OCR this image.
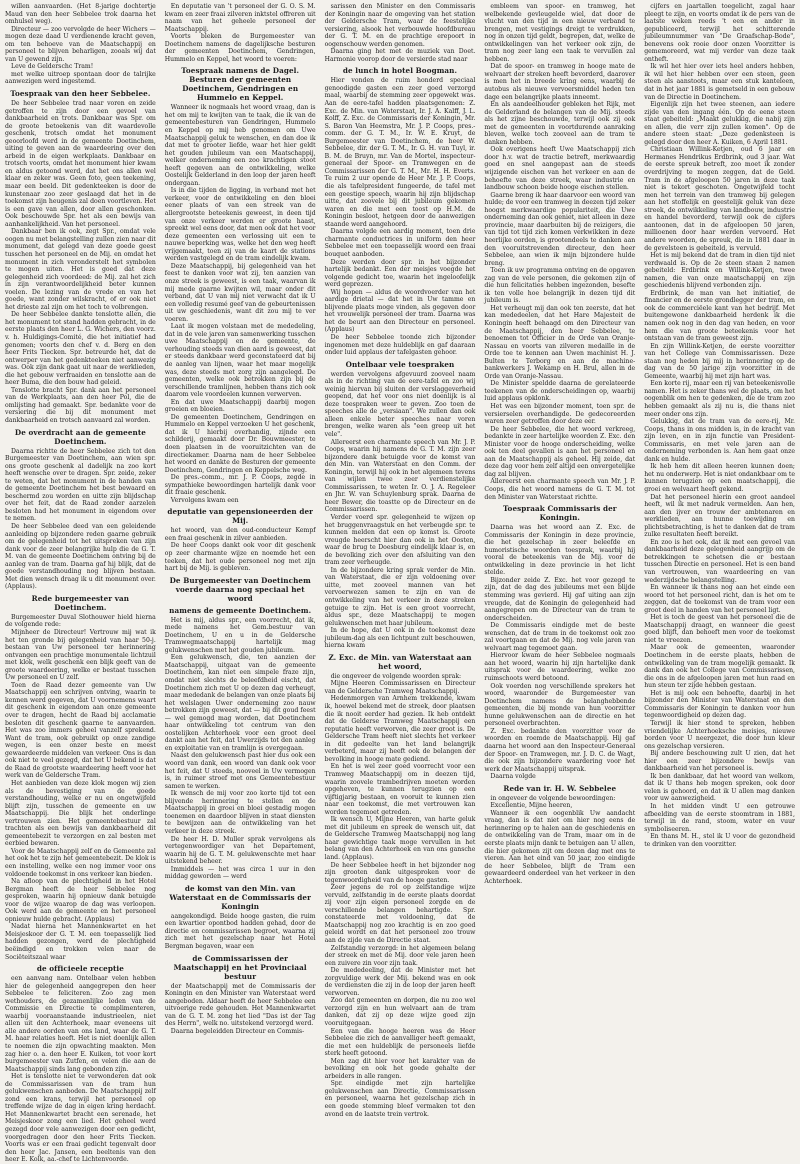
willen aanvaarden. (Het 8-jarige dochtertje Maud van den heer Sebbelee trok daarna het omhulsel weg).

Directeur — zoo vervolgde de heer Wichers — mogen deze daad U verdienende kracht geven, om ten behoeve van de Maatschappij en personeel te blijven beharligen, zooals wij dat van U gewend zijn.

Leve de Gelderschc Tram!

met welke uitroep spontaan door de talrijke aanwezigen werd ingestemd.

Toespraak van den heer Sebbelee.

De heer Sebbelee trad naar voren en zeide getroffen te zijn door een gevoel van dankbaarheid en trots. Dankbaar was Spr. om de groote betoekenis van dit waardevolle geschenk, trotsch omdat het monument geoorloofd werd in de gemeente Doetinchem, uiting te geven aan de waardeering over den arbeid in de eigen werkplaats. Dankbaar en trotsch voorts, omdat het monument hier kwam en aldus getoond werd, dat het ons allen wel klaar en zeker was. Geen foto, geen teekening, maar een beeld. Dit gedenkteeken is door de kunstenaar zoo zeer geslaagd dat het in de toekomst zijn heugenis zal doen voortleven. Het is een gave van allen, door allen geschonken. Ook beschouwde Spr. het als een bewijs van aanhankelijkheid. Van het personeel.

Dankbaar ben ik ook, zegt Spr., omdat vele oogen nu met belangstelling zullen zien naar dit monument, dat gelegd van deze goede geest tusschen het personeel en de Mij. en omdat het monument in zich veronderstelt het symbolen te mogen uiten. Het is goed dat deze gelegenheid zich voordeed: de Mij. zal het zich in zijn verantwoordelijkheid beter kunnen voelen. De lezing van de vrede en van het goede, want zonder wilskracht, of er ook niet het drieste zal zijn om het toch te volbrengen.

De heer Sebbelee dankte tenslotte allen, die het monument tot stand hadden gebracht, in de eerste plaats den heer L. G. Wichers, den voorz. v. h. Huldigings-Comité, die het initiatief had genomen; voorts den chef v. d. Berg en den heer Frits Tiecken. Spr. betreurde het, dat de ontwerper van het gedenkteeken niet aanwezig was. Ook zijn dank gaat uit naar de werklieden, die het gebouw verfraaiden en tenslotte aan de heer Buma, die den bouw had geleid.

Tenslotte bracht Spr. dank aan het personeel van de Werkplaats, aan den heer Pol, die de omlijsting had gemaakt. Spr. bedankte voor de versiering die bij dit monument met dankbaarheid en trotsch aanvaard zal worden.

De overdracht aan de gemeente Doetinchem.

Daarna richtte de heer Sebbelee zich tot den Burgemeester van Doetinchem, aan wien spr. ons groote geschenk al dadelijk na zoo kort heeft wensche over te dragen. Spr. zeide, zeker te weten, dat het monument in de handen van de gemeente Doetinchem het best bewaard en beschermd zou worden en uitte zijn blijdschap over het feit, dat de Raad zonder aarzelen besloten had het monument in eigendom over te nemen.

De heer Sebbelee deed van een geleidende aanleiding op bijzondere reden gaarne gebruik om de gelegenheid tot het uitspreken van zijn dank voor de zeer belangrijke hulp die de G. T. M. van de gemeente Doetinchem ontving bij de aanleg van de tram. Daarna gaf hij blijk, dat de goede verstandhouding nog blijven bestaan. Met dien wensch draag ik u dit monument over. (Applaus).

Rede burgemeester van Doetinchem.

Burgemeester Duval Slothouwer hield hierna de volgende rede:

Mijnheer de Directeur! Vertrouw mij wat ik het ten gronde bij gelegenheid van haar 50-j. bestaan van Uw personeel ter herinnering ontvangen een prachtige monumentale lichtzuil met klok, welk geschenk een blijk geeft van de groote waardeering, welke er bestaat tusschen Uw personeel en U zelf.

Toen de Raad dezer gemeente van Uw Maatschappij een schrijven ontving, waarin te kennen werd gegeven, dat U voornemens waart dit geschenk in eigendom aan onze gemeente over te dragen, hecht de Raad bij acclamatie besloten dit geschenk gaarne te aanvaarden. Het was zoo immers geheel vanzelf sprekend. Want de tram, ook gebruikt op onze zandige wegen, is een onzer beste en meest gewaardeerde middelen van verkeer. Ons is dan ook niet te veel gezegd, dat het U bekend is dat de Raad de grootste waardeering heeft voor het werk van de Geldersche Tram.

Het aanbieden van deze klok mogen wij zien als de bevestiging van de goede verstandhouding, welke er nu en ongetwijfeld blijft zijn, tusschen de gemeente en uw Maatschappij. Die blijk het onderlinge vertrouwen zien. Het gemeentebestuur zal trachten als een bewijs van dankbaarheid dit gemeentebezit te verzorgen en zal besten met eerbied bewaren.

Voor de Maatschappij zelf en de Gemeente zal het ook het te zijn het gemeentebezit. De klok is een instelling, welke een nog immer voor ons voldoende toekomst in ons verkeer kan bieden.

Na afloop van de plechtigheid in het Hotel Bergman heeft de heer Sebbelee nog gesproken, waarin hij opnieuw dank betuigde voor de wijze waarop de dag was verloopen. Ook werd aan de gemeente en het personeel opnieuw hulde gebracht. (Applaus)

Nadat hierna het Mannenkwartet en het Meisjeskoor der G. T. M. een toepasselijk lied hadden gezongen, werd de plechtigheid beëindigd en trokken velen naar de Sociëteitszaal waar

de officieele receptie

een aanvang nam. Ontelbaar velen hebben hier de gelegenheid aangegrepen den heer Sebbelee te feliciteren. Zoo zag men wethouders, de gezamenlijke leden van de Commissie en Directie te complimenteren, waarbij vooraanstaande industrieelen, niet allen uit den Achterhoek, maar eveneens uit alle andere oorden van ons land, waar de G. T. M. haar relaties heeft. Het is niet doenlijk allen te noemen die zijn opwachting maakten. Men zag hier o. a. den heer E. Kuiken, tot voor kort burgemeester van Zutfen, en velen die aan de Maatschappij sinds lang gebonden zijn.

Het is tenslotte niet te verwonderen dat ook de Commissarissen van de tram hun gelukwenschen aanboden. De Maatschappij zelf zond een krans, terwijl het personeel op treffende wijze de dag in eigen kring herdacht. Het Mannenkwartet bracht een serenade, het Meisjeskoor zong een lied. Het geheel werd gezegd door vele aanwezigen door een gedicht, voorgedragen door den heer Frits Tiecken. Voorts was er een fraai gedicht tegenvalt door den heer Jac. Jansen, een beeltenis van den heer E. Kolk, aa.-chef te Lichtenvoorde.

En deputatie van 't personeel der G. O. S. M. kwam en zeer fraai zilveren inktstel offreren uit naam van het geheele personeel der Maatschappij.

Voorts bleken de Burgemeester van Doetinchem namens de dagelijksche besturen der gemeenten Doetinchem, Gendringen, Hummelo en Keppel, het woord te voeren:

Toespraak namens de Dagel. Besturen der gemeenten Doetinchem, Gendringen en Hummelo en Keppel.

Wanneer ik nogmaals het woord vraag, dan is het om mij te kwijten van te taak, die ik van de gemeentebesturen van Gendringen, Hummelo en Keppel op mij heb genomen om Uwe Maatschappij geluk te wenschen, en dan doe ik dat met te grooter liefde, waar het hier geldt het gouden jubileum van een Maatschappij, welker onderneming een zoo krachtigen stoot heeft gegeven aan de ontwikkeling, welke Oostelijk Gelderland in den loop der jaren heeft ondergaan.

Is in die tijden de ligging, in verband met het verkeer, voor de ontwikkeling en den bloei eener plaats of van een streek van de allergrootste beteekenis geweest, in deen tijd van onze verkeer werden er groote haast, spreekt wel eens door, dat men ook dat het voor deze gemeenten een verlossing uit een te nauwe beperking was, welke het den weg heeft vrijgemaakt, toen zij van de kaart de stations werden vastgelegd en de tram eindelijk kwam.

Deze Maatschappij, bij gelegenheid van het feest te danken voor wat zij, ten aanzien van onze streek is geweest, is een taak, waarvan ik mij mede gaarne kwijten wil, maar onder dit verband, dat U van mij niet verwacht dat ik U een volledig resumé geef van de gebeurtenissen uit uw geschiedenis, want dit zou mij te ver voeren.

Laat ik mogen volstaan met de mededeling, dat in de vele jaren van samenwerking tusschen uwe Maatschappij en de gemeente, de verhouding steeds van dien aard is geweest, dat er steeds dankbaar werd geconstateerd dat bij de aanleg van lijnen, waar het maar mogelijk was, deze steeds met zorg zijn aangelegd. De gemeenten, welke ook betrokken zijn bij de verschillende tramlijnen, hebben thans zich ook daarom vele voordeelen kunnen verwerven.

En dat uwe Maatschappij daarbij mogen groeien en bloeien.

De gemeenten Doetinchem, Gendringen en Hummelo en Keppel verzoeken U het geschenk, dat ik U hierbij overhandig, zijnde een schilderij, gemaakt door Dr. Bouwmeester, te doen plaatsen in de vooruitzichten van de directiekamer. Daarna nam de heer Sebbelee het woord en dankte de Besturen der gemeente Doetinchem, Gendringen en Keppelsche weg.

De pres.-comm., mr. J. P. Coops, zegde in sympathieke bewoordingen hartelijk dank voor dit fraaie geschenk.

Vervolgens kwam een

deputatie van gepensioneerden der Mij.

het woord, van den oud-conducteur Kempf een fraai geschenk in zilver aanbieden.

De heer Coops dankt ook voor dit geschenk op zeer charmante wijze en noemde het een teeken, dat het oude personeel nog met zijn hart bij de Mij. is gebleven.

De Burgemeester van Doetinchem voerde daarna nog speciaal het woord
namens de gemeente Doetinchem.

Het is mij, aldus spr., een voorrecht, dat ik, mede namens het Gem.bestuur van Doetinchem, U en u in de Geldersche Tramwegmaatschappij hartelijk mag gelukwenschen met het gouden jubileum.

Een gelukwensch, die, ten aanzien der Maatschappij, uitgaat van de gemeente Doetinchem, kan niet een simpele fraze zijn, omdat niet slechts de beleefdheid eischt, dat Doetinchem zich met U op dezen dag verheugt, maar mededank de belangen van onze plaats bij het welslagen Uwer onderneming zoo nauw betrokken zijn geweest, dat — bij dit goud feest — wel gemogd mag worden, dat Doetinchem haar ontwikkeling tot centrum van den oostelijken Achterhoek voor een groot deel dankt aan het feit, dat Uwerzijds tot den aanleg en exploitatie van en tramlijn is overgegaan.

Naast den gelukwensch past hier dus ook een woord van dank, een woord van dank ook voor het feit, dat U steeds, nooveel in Uw vermogen is, in ruimer stroef met ons Gemeentebestuur samen te werken.

Ik wensch de mij voor zoo korte tijd tot een blijvende herinnering te stellen en de Maatschappij in groei en bloei gestadig mogen toenemen en daardoor blijven in staat diensten te bewijzen aan de ontwikkeling van het verkeer in deze streek.

De heer H. D. Muller sprak vervolgens als vertegenwoordiger van het Departement, waarin hij de G. T. M. gelukwenschte met haar uitstekend beheer.

Immiddels — het was circa 1 uur in den middag geworden — werd

de komst van den Min. van Waterstaat en de Commissaris der Koningin

aangekondigd. Beide hooge gasten, die ruim een kwartier opontbod hadden gehad, door de directie en commissarissen begroet, waarna zij zich met het gezelschap naar het Hotel Bergman begaven, waar een

de Commissarissen der Maatschappij en het Provinciaal bestuur

der Maatschappij met de Commissaris der Koningin en den Minister van Waterstaat werd aangeboden. Aldaar heeft de heer Sebbelee een uitvoerige rede gehouden. Het Mannenkwartet van de G. T. M. zong het lied "Das ist der Tag des Herrn", welk no. uitstekend verzorgd werd.

Daarna begeleidden Directeur en Commis-

sarissen den Minister en den Commissaris der Koningin naar de omgeving van het station der Geldersche Tram, waar de feestelijke versiering, alsook het verbouwde hoofdbureau der G. T. M. en de prachtige erepoort in oogenschouw werden genomen.

Daarna ging het met de muziek van Doet. Harmonie voorop door de versierde stad naar

de lunch in hotel Boogman.

Hier vonden de ruim honderd speciaal genoodigde gasten een zeer goed verzorgd maal, waarbij de stemming zeer opgewekt was. Aan de eere-tafel hadden plaatsgenomen: Z. Exc. de Min. van Waterstaat, Ir. J. A. Kalff, J. L. Kolff, Z. Exc. de Commissaris der Koningin, Mr. S. Baron Van Heemstra, Mr. J. P. Coops, pres.-comm. der G. T. M., Ir. W. E. Kruyt, de Burgemeester van Doetinchem, de heer W. Sebbelee, dir. der G. T. M., Ir. G. H. van Tuyl, ir. B. M. de Bruyn, mr. Van de Mortel, inspecteur-generaal der Spoor- en Tramwegen en de Commissarissen der G. T. M., Mr. H. H. Everts. Te ruim 2 uur opende de Heer Mr. J. P. Coops, die als tafelpresident fungeerde, de tafel met een geestige speech, waarin hij zijn blijdschap uitte, dat zoovele bij dit jubileum gekomen waren en die met een toost op H.M. de Koningin besloot, hetgeen door de aanwezigen staande werd aangehoord.

Daarna volgde een aardig moment, toen drie charmante conductrices in uniform den heer Sebbelee met een toepasselijk woord een fraai bouquet aanboden.

Deze werden door spr. in het bijzonder hartelijk bedankt. Een der meisjes voegde het volgende gedicht toe, waarin het ingeloofelijk werd geprezen.

Wij hopen — aldus de woordvoerder van het aardige drietal — dat het in Uw tamme en blijvende plaats moge vinden, als gegeven door het vrouwelijk personeel der tram. Daarna was het de beurt aan den Directeur en personeel. (Applaus)

De heer Sebbelee toonde zich bijzonder ingenomen met deze huldeblijk en gaf daaraan onder luid applaus der tafelgasten gehoor.

Ontelbaar vele toespraken

werden vervolgens afgevuurd zooveel naam als in de richting van de eere-tafel en zoo wij weinig hiervan bij sluiten der verslaggeverheid geopend, dat het voor ons niet doenlijk is al deze toespraken weer te geven. Zoo toen de speeches alle de „versiaan". We zullen dan ook alleen enkele beter speeches naar voren brengen, welke waren als "een greep uit het vele".

Allereerst een charmante speech van Mr. J. P. Coops, waarin hij namens de G. T. M. zijn zeer bijzondere dank betuigde voor de komst van den Min. van Waterstaat en den Comm. der Koningin, terwijl hij ook in het algemeen tevens van wijlen twee zeer verdienstelijke Commissarissen, te weten Ir. O. J. A. Regeleer en Jhr. W. van Schuylenburg sprak. Daarna de heer Bewer, die toastte op de Directeur en de Commissarissen.

Verder voerd spr. gelegenheid te wijzen op het bruggenvraagstuk en het verbeugde spr. te kunnen melden dat een op komst is. Groote vreugde heerscht hier dan ook in het Oosten, waar de brug te Doesburg eindelijk klaar is, en de bevolking zich over den afsluiting van den tram zeer verheugde.

In de bijzondere kring sprak verder de Min. van Waterstaat, die er zijn voldoening over uitte, met zooveel mannen van het vervoerwezen samen te zijn en van de ontwikkeling van het verkeer in deze streken getuige te zijn. Het is een groot voorrecht, aldus spr., deze Maatschappij te mogen gelukwenschen met haar jubileum.

In de hope, dat U ook in de toekomst deze jubileum-dag als een lichtpunt zult beschouwen, hierna kwam

Z. Exc. de Min. van Waterstaat aan het woord,

die ongeveer de volgende woorden sprak:

Mijne Heeren Commissarissen en Directeur van de Geldersche Tramweg Maatschappij.

Hedenmorgen van Arnhem trekkende, kwam ik, hoewel bekend met de streek, door plaatsen die ik nooit eerder had gezien. Ik heb ontdekt dat de Gelderse Tramweg Maatschappij een reputatie heeft verworven, die zeer groot is. De Geldersche Tram heeft niet slechts het verkeer in dit gedeelte van het land belangrijk verbeterd, maar zij heeft ook de belangen der bevolking in hooge mate gediend.

En het is wel zeer goed voorrecht voor een Tramweg Maatschappij om in deezen tijd, waarin zoovele trambedrijven moeten worden opgeheven, te kunnen terugzien op een vijftigjarig bestaan, en vooruit te kunnen zien naar een toekomst, die met vertrouwen kan worden tegemoet getreden.

Ik wensch U, Mijne Heeren, van harte geluk met dit jubileum en spreek de wensch uit, dat de Geldersche Tramweg Maatschappij nog lang haar gewichtige taak moge vervullen in het belang van den Achterhoek en van ons gansche land. (Applaus).

De heer Sebbelee heeft in het bijzonder nog zijn grooten dank uitgesproken voor de tegenwoordigheid van de hooge gasten.

Zeer jegens de rol op zelfstandige wijze vervuld, zelfstandig in de eerste plaats doordat zij voor zijn eigen personeel zorgde en de verschillende belangen behartigde. Spr. constateerde met voldoening, dat de Maatschappij nog zoo krachtig is en zoo goed geleid wordt en dat het personeel zoo trouw aan de zijde van de Directie staat.

Zelfstandig verzorgd: in het algemeen belang der streek en met de Mij. door vele jaren heen een zuivere zin voor zijn taak.

De mededeeling, dat de Minister met het zorgvuldige werk der Mij. bekend was en ook de verdiensten die zij in de loop der jaren heeft verworven.

Zoo dat gemeenten en dorpen, die nu zoo wel verzorgd zijn en hun welvaart aan de tram danken, dat zij op deze wijze goed zijn vooruitgegaan.

Een van die hooge heeren was de Heer Sebbelee die zich de aanvalliger heeft gemaakt, die met een huldeblijk de personeels liefde sterk heeft getoond.

Men zag dit hier voor het karakter van de bevolking en ook het goede gehalte der arbeiders in alle rangen.

Spr. eindigde met zijn hartelijke gelukwenschen aan Directie, Commissarissen en personeel, waarna het gezelschap zich in een goede stemming bleef vermaken tot den avond en de laatste trein vertrok.

embleem van spoor- en tramweg, het welbekende gevleugelde wiel, dat door de vlucht van den tijd in een nieuw verband te brengen, met vestigings dreigt te verdrukken, nog in onzen tijd geldt, begrepen, dat, welke de ontwikkelingen van het verkeer ook zijn, de tram nog zeer lang een taak te vervullen zal hebben.

Dat de spoor- en tramweg in hooge mate de welvaart der streken heeft bevorderd, daarover is men het in breede kring eens, waarbij de autobus als nieuwe vervoersmiddel heden ten dage een belangrijke plaats inneemt.

En als aandeelhouder gebleken het Rijk, met de Gelderland de belangen van de Mij. steeds als het zijne beschouwde, terwijl ook zij ook met de gemeenten in voortdurende aanraking bleven, welke toch zooveel aan de tram te danken hebben.

Ook overigens heeft Uwe Maatschappij zich door h.v. wat de tractie betreft, merkwaardig goed en snel aangepast aan de steeds wijzigende eischen van het verkeer en aan de behoefte van deze streek, waar industrie en landbouw schoon beide hooge eischen stellen.

Gaarne breng ik haar daarvoor een woord van hulde; de voor een tramweg in deezen tijd zeker hoogst merkwaardige populariteit, die Uwe onderneming dan ook geniet, niet alleen in deze provincie, maar daarbuiten bij de reizigers, die van tijd tot tijd zich komen verkwikken in deze heerlijke oorden, is grootendeels te danken aan den vooruitstrevenden directeur, den heer Sebbelee, aan wien ik mijn bijzondere hulde breng.

Toen ik uw programma ontving en de opgaven zag van de vele personen, die gekomen zijn of die hun felicitaties hebben ingezonden, besefte ik ten volle hoe belangrijk in dezen tijd dit jubileum is.

Het verheugt mij dan ook ten zeerste, dat het kan mededeelen, dat het Hare Majesteit de Koningin heeft behaagd om den Directeur van de Maatschappij, den heer Sebbelee, te benoemen tot Officier in de Orde van Oranje-Nassau en voorts van zilveren medaille in de Orde toe te kennen aan Uwen machinist H. J. Bulten te Terborg en aan de machine-bankwerkers J. Wekamp en H. Brul, allen in de Orde van Oranje-Nassau.

De Minister speldde daarna de gerelateerde teekenen van de onderscheidingen op, waarbij luid applaus opklonk.

Het was een bijzonder moment, toen spr. de versierselen overhandigde. De gedecoreerden waren zeer getroffen door deze eer.

De heer Sebbelee, die het woord verkreeg, bedankte in zeer hartelijke woorden Z. Exc. den Minister voor de hooge onderscheiding, welke ook ten deel gevallen is aan het personeel en aan de Maatschappij als geheel. Hij zeide, dat deze dag voor hem zelf altijd een onvergetelijke dag zal blijven.

Allereerst een charmante speech van Mr. J. P. Coops, die het woord namens de G. T. M. tot den Minister van Waterstaat richtte.

Toespraak Commissaris der Koningin.

Daarna was het woord aan Z. Exc. de Commissaris der Koningin in deze provincie, die het gezelschap in zeer beleefde en humoristische woorden toesprak, waarbij hij vooral de beteekenis van de Mij. voor de ontwikkeling in deze provincie in het licht stelde.

Bijzonder zeide Z. Exc. het voor gezegd te zijn, dat de dag des jubileums met een blijde stemming was gevierd. Hij gaf uiting aan zijn vreugde, dat de Koningin de gelegenheid had aangegrepen om de Directeur van de tram te onderscheiden.

De Commissaris eindigde met de beste wenschen, dat de tram in de toekomst ook zoo zal voortgaan en dat de Mij. nog vele jaren van welvaart mag tegemoet gaan.

Hiervoor kwam de heer Sebbelee nogmaals aan het woord, waarin hij zijn hartelijke dank uitsprak voor de waardeering, welke zoo ruimschoots werd betoond.

Ook voerden nog verschillende sprekers het woord, waaronder de Burgemeester van Doetinchem namens de belanghebbende gemeenten, die bij monde van hun voorzitter hunne gelukwenschen aan de directie en het personeel overbrachten.

Z. Exc. bedankte den voorzitter voor de woorden en roemde de Maatschappij. Hij gaf daarna het woord aan den Inspecteur-Generaal der Spoor- en Tramwegen, mr. J. D. C. de Wagt, die ook zijn bijzondere waardering voor het werk der Maatschappij uitsprak.

Daarna volgde

Rede van ir. H. W. Sebbelee

in ongeveer de volgende bewoordingen:

Excellentie, Mijne heeren,

Wanneer ik een oogenblik Uw aandacht vraag, dan is dat niet om hier nog eens de herinnering op te halen aan de geschiedenis en de ontwikkeling van de Tram, maar om in de eerste plaats mijn dank te betuigen aan U allen, die hier gekomen zijt om dezen dag met ons te vieren. Aan het eind van 50 jaar, zoo eindigde de heer Sebbelee, blijft de Tram een gewaardeerd onderdeel van het verkeer in den Achterhoek.

cijfers en jaartallen toegelicht, zagal haar pleegt te zijn, en voorts omdat ik de pers van de laatste weken reeds 't een en ander in gepubliceerd, terwijl het schitterende jubileumnummer van "De Graafschap-Bode", benevens ook rooie door onzen Voorzitter is gememoreerd, wat mij verder van deze taak ontheft.

Ik wil het hier over iets heel anders hebben, ik wil het hier hebben over een steen, geen steen als aanstoots, maar een stuk kanteleen, dat in het jaar 1881 is gemetseld in een gebouw van de Directie in Doetinchem.

Eigenlijk zijn het twee steenen, aan iedere zijde van den ingang één. Op de eene steen staat gebeiteld: „Maakt gelukkig, die nabij zijn en allen, die verr zijn zullen komen". Op de andere steen staat: „Deze gedenksteen is gelegd door den heer A. Kuiken, 6 April 1881.

Christiaan Willink-Ketjen, oud 6 jaar en Hermanes Hendrikus Erdbrink, oud 3 jaar. Wat de eerste spreuk betreft, zoo moet ik zonder overdrijving te mogen zeggen, dat de Geld. Tram in de afgeloopen 50 jaren in deze taak niet is tekort geschoten. Ongetwijfeld tocht men het terrein van den tramweg bij gelegen aan het stoffelijk en geestelijk geluk van deze streek, de ontwikkeling van landbouw, industrie en handel bevorderd, terwijl ook de cijfers aantoonen, dat in de afgeloopen 50 jaren, millioenen door haar werden vervoerd. Het andere woorden, de spreuk, die in 1881 daar in de gevelsteen is gebeiteld, is vervuld.

Het is mij bekend dat de tram in dien tijd niet verdwaald is. Op de 2e steen staan 2 namen gebeiteld: Erdbrink en Willink-Ketjen, twee namen, die van onze maatschappij en zijn geschiedenis blijvend verbonden zijn.

Erdbrink, de man van het initiatief, de financier en de eerste grondlegger der tram, en ook de commerciëele kant van het bedrijf. Met buitengewone dankbaarheid herdenk ik die namen ook nog in den dag van heden, en voor hem die van groote beteekenis voor het ontstaan van de tram geweest zijn.

En zijn Willink-Ketjen, de eerste voorzitter van het College van Commissarissen. Deze staan nog heden bij mij in herinnering op de dag van de 50 jarige zijn voorzitter in de Gemeente, waarbij hij met zijn hart was.

Een korte rij, maar een rij van beteekenisvolle namen. Het is zeker thans wel de plaats, om het oogenblik om hen te gedenken, die de tram zoo hebben gemaakt als zij nu is, die thans niet meer onder ons zijn.

Gelukkig, dat de tram van de eere-rij, Mr. Coops, thans in ons midden is, in de kracht van zijn leven, en in zijn functie van President-Commissaris, en met vele jaren aan de onderneming verbonden is. Aan hem gaat onze dank en hulde.

Ik heb hem dit alleen heeren kunnen doen; het nu onderwerp. Het is niet ondankbaar om te kunnen terugzien op een maatschappij, die groei en welvaart heeft gekend.

Dat het personeel hierin een groot aandeel heeft, wil ik met nadruk vermelden. Aan hen, aan den ijver en trouw der ambtenaren en werklieden, aan hunne toewijding en plichtsbetrachting, is het te danken dat de tram zulke resultaten heeft bereikt.

En zoo is het ook, dat ik met een gevoel van dankbaarheid deze gelegenheid aangrijp om de betrekkingen te schetsen die er bestaan tusschen Directie en personeel. Het is een band van vertrouwen, van waardeering en van wederzijdsche belangstelling.

En wanneer ik thans nog aan het einde een woord tot het personeel richt, dan is het om te zeggen, dat de toekomst van de tram voor een groot deel in handen van het personeel ligt.

Het is toch de geest van het personeel die de Maatschappij draagt, en wanneer die geest goed blijft, dan behoeft men voor de toekomst niet te vreezen.

Maar ook de gemeenten, waaronder Doetinchem in de eerste plaats, hebben de ontwikkeling van de tram mogelijk gemaakt. Ik dank dan ook het College van Commissarissen, die ons in de afgeloopen jaren met hun raad en hun steun ter zijde hebben gestaan.

Het is mij ook een behoefte, daarbij in het bijzonder den Minister van Waterstaat en den Commissaris der Koningin te danken voor hun tegenwoordigheid op dezen dag.

Terwijl ik hier stond te spreken, hebben vriendelijke Achterhoeksche meisjes, nieuwe borden voor U neergezet, die door hun kleur ons gezelschap versieren.

Bij andere beschouwing zult U zien, dat het hier een zeer bijzondere bewijs van dankbaarheid van het personeel is.

Ik ben dankbaar, dat het woord van welkom, dat ik U thans heb mogen spreken, ook door velen is gehoord, en dat ik U allen mag danken voor uw aanwezigheid.

In het midden vindt U een getrouwe afbeelding van de eerste stoomtram in 1881, terwijl in de rand, stoom, water en vuur symboliseeren.

En thans M. H., stel ik U voor de gezondheid te drinken van den voorzitter.
